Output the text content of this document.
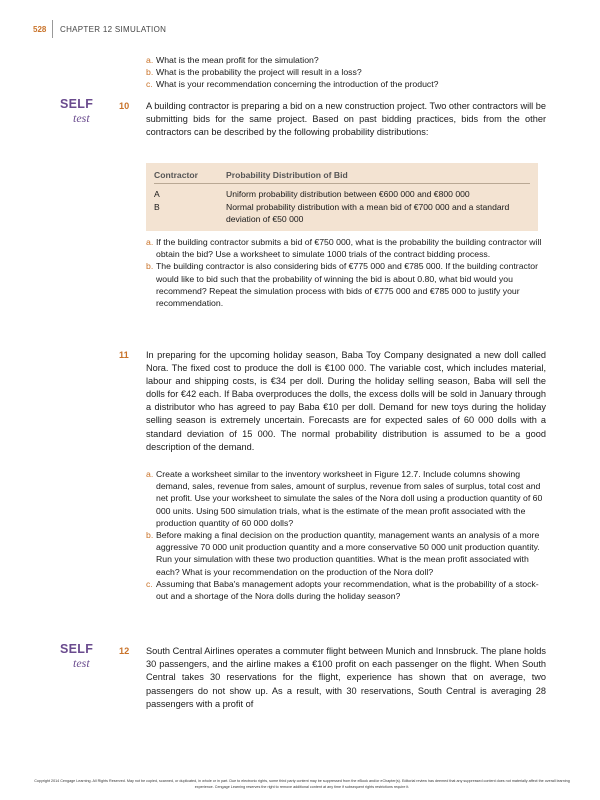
528 CHAPTER 12 SIMULATION
a. What is the mean profit for the simulation?
b. What is the probability the project will result in a loss?
c. What is your recommendation concerning the introduction of the product?
SELF
test
10 A building contractor is preparing a bid on a new construction project. Two other contractors will be submitting bids for the same project. Based on past bidding practices, bids from the other contractors can be described by the following probability distributions:
Contractor	Probability Distribution of Bid
A	Uniform probability distribution between €600 000 and €800 000
B	Normal probability distribution with a mean bid of €700 000 and a standard deviation of €50 000
a. If the building contractor submits a bid of €750 000, what is the probability the building contractor will obtain the bid? Use a worksheet to simulate 1000 trials of the contract bidding process.
b. The building contractor is also considering bids of €775 000 and €785 000. If the building contractor would like to bid such that the probability of winning the bid is about 0.80, what bid would you recommend? Repeat the simulation process with bids of €775 000 and €785 000 to justify your recommendation.
11 In preparing for the upcoming holiday season, Baba Toy Company designated a new doll called Nora. The fixed cost to produce the doll is €100 000. The variable cost, which includes material, labour and shipping costs, is €34 per doll. During the holiday selling season, Baba will sell the dolls for €42 each. If Baba overproduces the dolls, the excess dolls will be sold in January through a distributor who has agreed to pay Baba €10 per doll. Demand for new toys during the holiday selling season is extremely uncertain. Forecasts are for expected sales of 60 000 dolls with a standard deviation of 15 000. The normal probability distribution is assumed to be a good description of the demand.
a. Create a worksheet similar to the inventory worksheet in Figure 12.7. Include columns showing demand, sales, revenue from sales, amount of surplus, revenue from sales of surplus, total cost and net profit. Use your worksheet to simulate the sales of the Nora doll using a production quantity of 60 000 units. Using 500 simulation trials, what is the estimate of the mean profit associated with the production quantity of 60 000 dolls?
b. Before making a final decision on the production quantity, management wants an analysis of a more aggressive 70 000 unit production quantity and a more conservative 50 000 unit production quantity. Run your simulation with these two production quantities. What is the mean profit associated with each? What is your recommendation on the production of the Nora doll?
c. Assuming that Baba's management adopts your recommendation, what is the probability of a stock-out and a shortage of the Nora dolls during the holiday season?
SELF
test
12 South Central Airlines operates a commuter flight between Munich and Innsbruck. The plane holds 30 passengers, and the airline makes a €100 profit on each passenger on the flight. When South Central takes 30 reservations for the flight, experience has shown that on average, two passengers do not show up. As a result, with 30 reservations, South Central is averaging 28 passengers with a profit of
Copyright 2014 Cengage Learning. All Rights Reserved. May not be copied, scanned, or duplicated, in whole or in part. Due to electronic rights, some third party content may be suppressed from the eBook and/or eChapter(s). Editorial review has deemed that any suppressed content does not materially affect the overall learning experience. Cengage Learning reserves the right to remove additional content at any time if subsequent rights restrictions require it.
